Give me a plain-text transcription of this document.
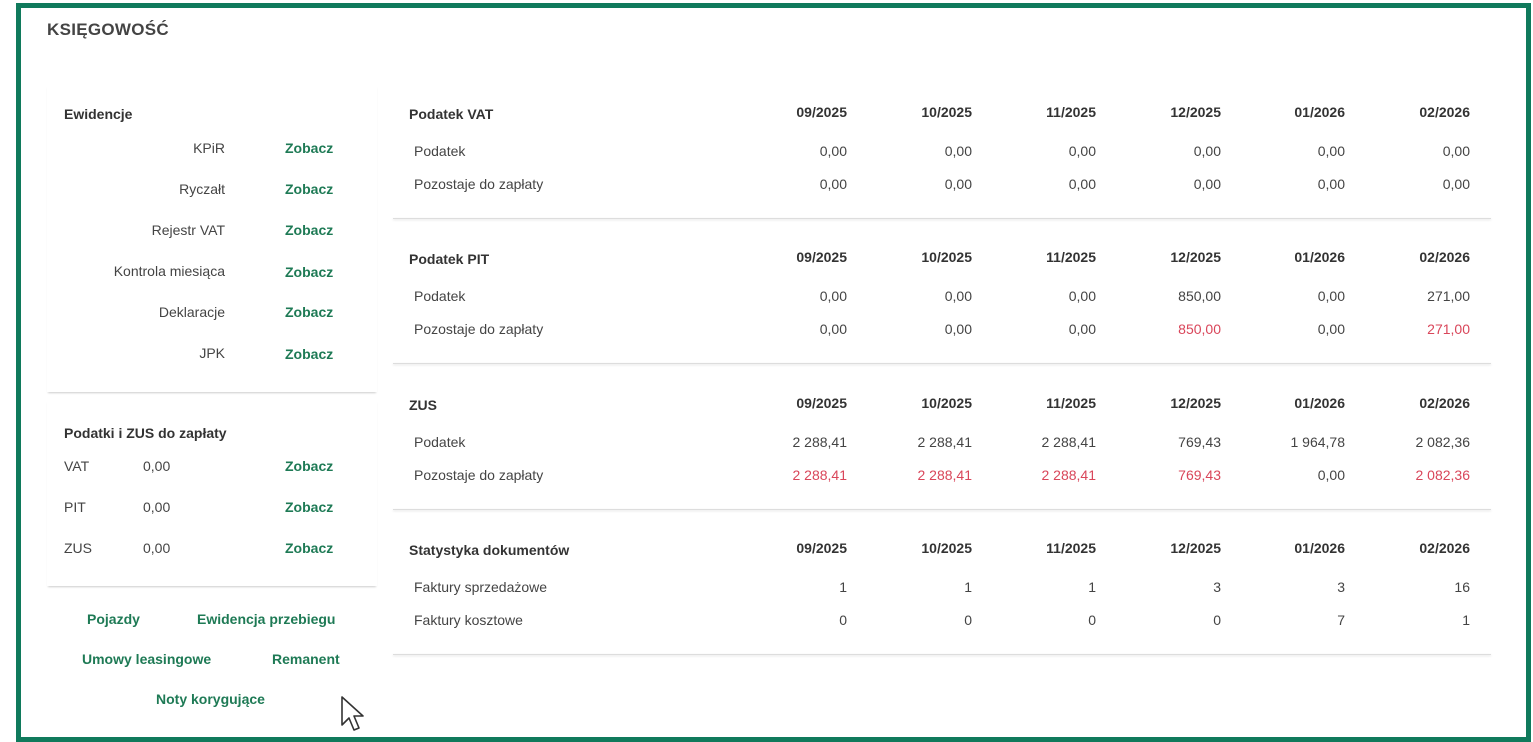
KSIĘGOWOŚĆ
Ewidencje
KPiR	Zobacz
Ryczałt	Zobacz
Rejestr VAT	Zobacz
Kontrola miesiąca	Zobacz
Deklaracje	Zobacz
JPK	Zobacz
Podatki i ZUS do zapłaty
VAT	0,00	Zobacz
PIT	0,00	Zobacz
ZUS	0,00	Zobacz
Pojazdy	Ewidencja przebiegu
Umowy leasingowe	Remanent
Noty korygujące
Podatek VAT	09/2025	10/2025	11/2025	12/2025	01/2026	02/2026
Podatek	0,00	0,00	0,00	0,00	0,00	0,00
Pozostaje do zapłaty	0,00	0,00	0,00	0,00	0,00	0,00
Podatek PIT	09/2025	10/2025	11/2025	12/2025	01/2026	02/2026
Podatek	0,00	0,00	0,00	850,00	0,00	271,00
Pozostaje do zapłaty	0,00	0,00	0,00	850,00	0,00	271,00
ZUS	09/2025	10/2025	11/2025	12/2025	01/2026	02/2026
Podatek	2 288,41	2 288,41	2 288,41	769,43	1 964,78	2 082,36
Pozostaje do zapłaty	2 288,41	2 288,41	2 288,41	769,43	0,00	2 082,36
Statystyka dokumentów	09/2025	10/2025	11/2025	12/2025	01/2026	02/2026
Faktury sprzedażowe	1	1	1	3	3	16
Faktury kosztowe	0	0	0	0	7	1
